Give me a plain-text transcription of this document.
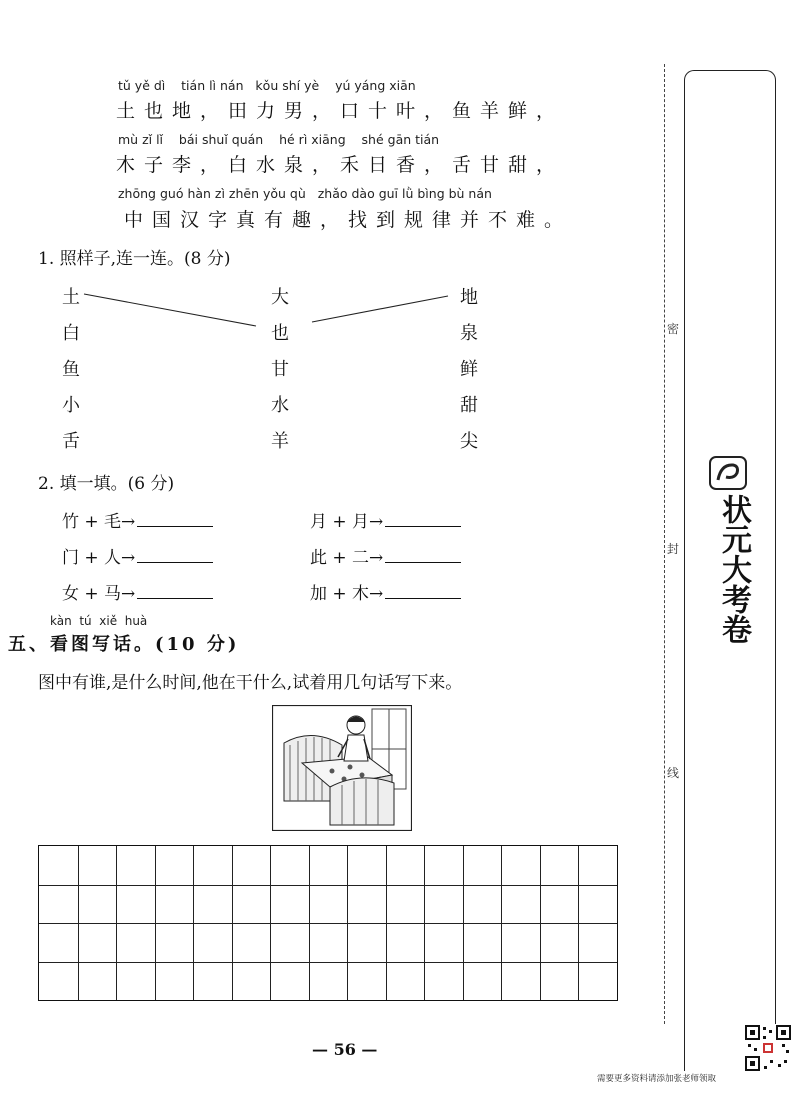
tǔ yě dì    tián lì nán   kǒu shí yè    yú yáng xiān
土也地，田力男，口十叶，鱼羊鲜，
mù zǐ lǐ    bái shuǐ quán    hé rì xiāng    shé gān tián
木子李，白水泉，禾日香，舌甘甜，
zhōng guó hàn zì zhēn yǒu qù   zhǎo dào guī lǜ bìng bù nán
中国汉字真有趣，找到规律并不难。
1. 照样子,连一连。(8 分)
土
白
鱼
小
舌
大
也
甘
水
羊
地
泉
鲜
甜
尖
2. 填一填。(6 分)
竹 + 毛→
门 + 人→
女 + 马→
月 + 月→
此 + 二→
加 + 木→
kàn  tú  xiě  huà
五、看图写话。(10 分)
图中有谁,是什么时间,他在干什么,试着用几句话写下来。
— 56 —
密
封
线
状元大考卷
需要更多资料请添加张老师领取
